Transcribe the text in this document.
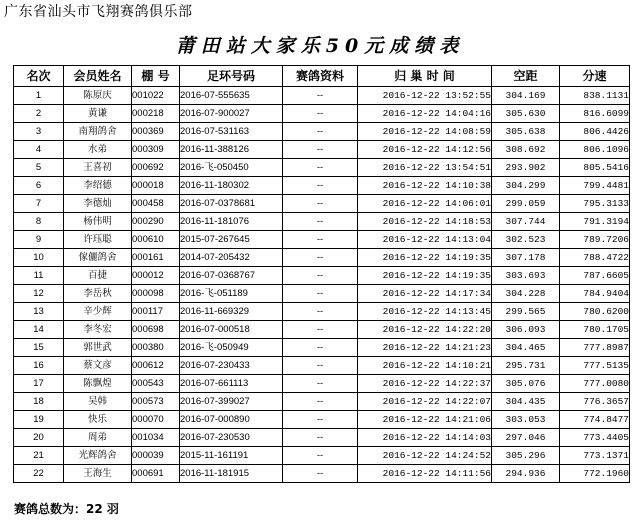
广东省汕头市飞翔赛鸽俱乐部
莆田站大家乐50元成绩表
名次	会员姓名	棚 号	足环号码	赛鸽资料	归 巢 时 间	空距	分速
1	陈原庆	001022	2016-07-555635	--	2016-12-22 13:52:55	304.169	838.1131
2	黄谦	000218	2016-07-900027	--	2016-12-22 14:04:16	305.630	816.6099
3	南翔鸽舍	000369	2016-07-531163	--	2016-12-22 14:08:59	305.638	806.4426
4	水弟	000309	2016-11-388126	--	2016-12-22 14:12:56	308.692	806.1096
5	王喜初	000692	2016-飞-050450	--	2016-12-22 13:54:51	293.902	805.5416
6	李绍德	000018	2016-11-180302	--	2016-12-22 14:10:38	304.299	799.4481
7	李德灿	000458	2016-07-0378681	--	2016-12-22 14:06:01	299.059	795.3133
8	杨伟明	000290	2016-11-181076	--	2016-12-22 14:18:53	307.744	791.3194
9	许珏聪	000610	2015-07-267645	--	2016-12-22 14:13:04	302.523	789.7206
10	傢儷鸽舍	000161	2014-07-205432	--	2016-12-22 14:19:35	307.178	788.4722
11	百捷	000012	2016-07-0368767	--	2016-12-22 14:19:35	303.693	787.6605
12	李岳秋	000098	2016-飞-051189	--	2016-12-22 14:17:34	304.228	784.9404
13	辛少辉	000117	2016-11-669329	--	2016-12-22 14:13:45	299.565	780.6200
14	李冬宏	000698	2016-07-000518	--	2016-12-22 14:22:20	306.093	780.1705
15	郭世武	000380	2016-飞-050949	--	2016-12-22 14:21:23	304.465	777.8987
16	蔡文彦	000612	2016-07-230433	--	2016-12-22 14:10:21	295.731	777.5135
17	陈飘煌	000543	2016-07-661113	--	2016-12-22 14:22:37	305.076	777.0080
18	吴韩	000573	2016-07-399027	--	2016-12-22 14:22:07	304.435	776.3657
19	快乐	000070	2016-07-000890	--	2016-12-22 14:21:06	303.053	774.8477
20	周弟	001034	2016-07-230530	--	2016-12-22 14:14:03	297.046	773.4405
21	光辉鸽舍	000039	2015-11-161191	--	2016-12-22 14:24:52	305.296	773.1371
22	王海生	000691	2016-11-181915	--	2016-12-22 14:11:56	294.936	772.1960
赛鸽总数为：22 羽
